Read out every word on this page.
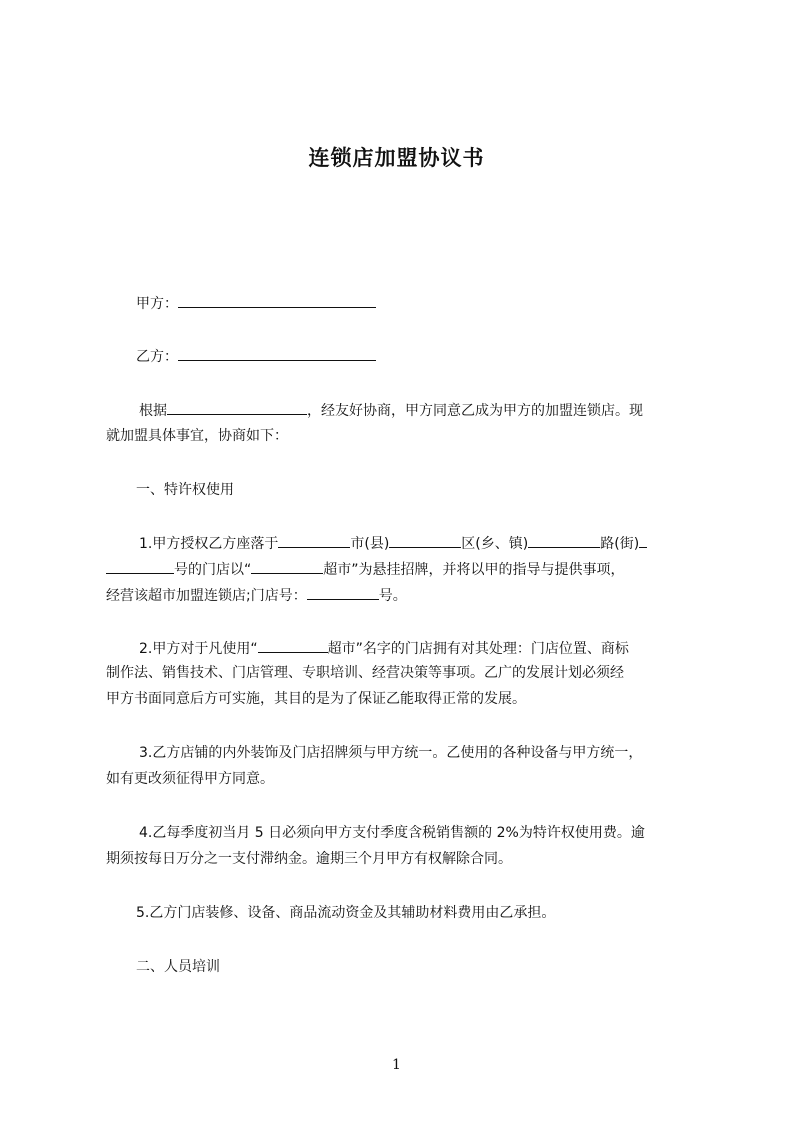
连锁店加盟协议书
甲方：
乙方：
根据	，经友好协商，甲方同意乙成为甲方的加盟连锁店。现
就加盟具体事宜，协商如下：
一、特许权使用
1.甲方授权乙方座落于	市(县)	区(乡、镇)	路(街)
号的门店以“	超市”为悬挂招牌，并将以甲的指导与提供事项，
经营该超市加盟连锁店;门店号：	号。
2.甲方对于凡使用“	超市”名字的门店拥有对其处理：门店位置、商标
制作法、销售技术、门店管理、专职培训、经营决策等事项。乙广的发展计划必须经
甲方书面同意后方可实施，其目的是为了保证乙能取得正常的发展。
3.乙方店铺的内外装饰及门店招牌须与甲方统一。乙使用的各种设备与甲方统一，
如有更改须征得甲方同意。
4.乙每季度初当月 5 日必须向甲方支付季度含税销售额的 2%为特许权使用费。逾
期须按每日万分之一支付滞纳金。逾期三个月甲方有权解除合同。
5.乙方门店装修、设备、商品流动资金及其辅助材料费用由乙承担。
二、人员培训
1
